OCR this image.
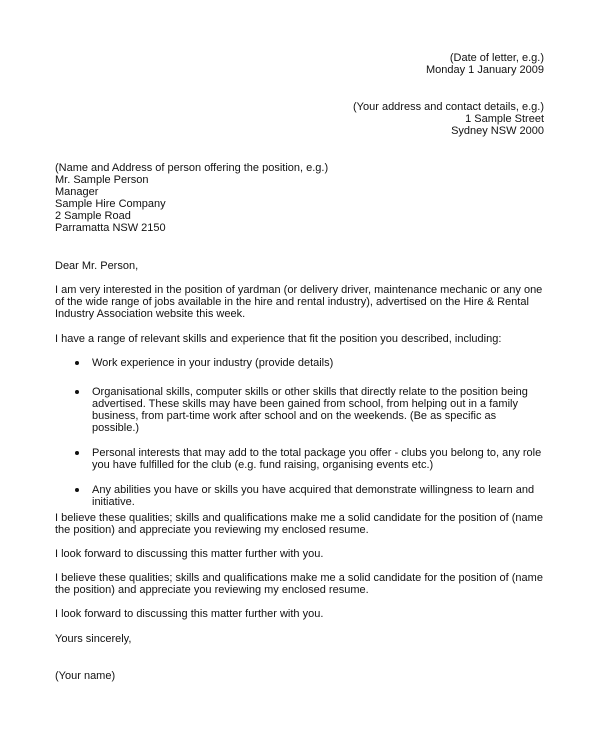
(Date of letter, e.g.)
Monday 1 January 2009
(Your address and contact details, e.g.)
1 Sample Street
Sydney NSW 2000
(Name and Address of person offering the position, e.g.)
Mr. Sample Person
Manager
Sample Hire Company
2 Sample Road
Parramatta NSW 2150
Dear Mr. Person,
I am very interested in the position of yardman (or delivery driver, maintenance mechanic or any one of the wide range of jobs available in the hire and rental industry), advertised on the Hire & Rental Industry Association website this week.
I have a range of relevant skills and experience that fit the position you described, including:
Work experience in your industry (provide details)
Organisational skills, computer skills or other skills that directly relate to the position being advertised. These skills may have been gained from school, from helping out in a family business, from part-time work after school and on the weekends. (Be as specific as possible.)
Personal interests that may add to the total package you offer - clubs you belong to, any role you have fulfilled for the club (e.g. fund raising, organising events etc.)
Any abilities you have or skills you have acquired that demonstrate willingness to learn and initiative.
I believe these qualities; skills and qualifications make me a solid candidate for the position of (name the position) and appreciate you reviewing my enclosed resume.
I look forward to discussing this matter further with you.
I believe these qualities; skills and qualifications make me a solid candidate for the position of (name the position) and appreciate you reviewing my enclosed resume.
I look forward to discussing this matter further with you.
Yours sincerely,
(Your name)
